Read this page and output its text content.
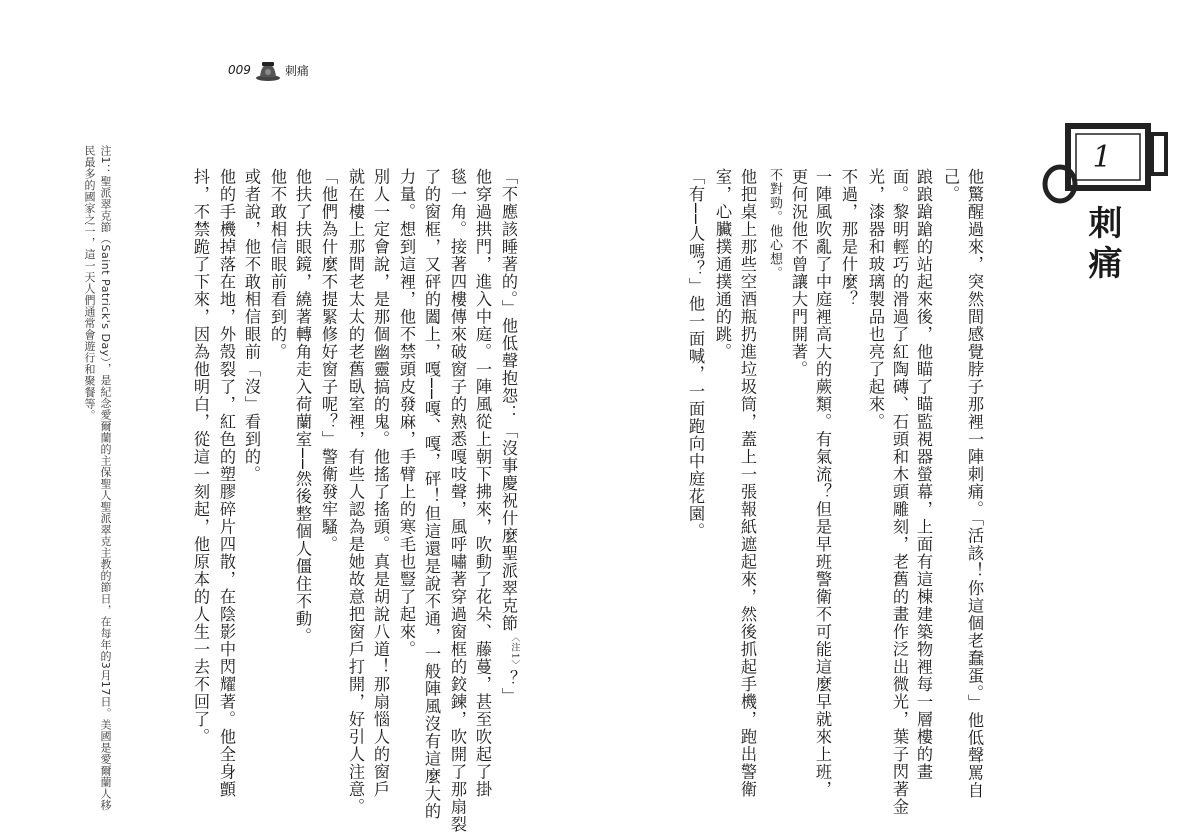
009	刺痛
1
刺痛
他驚醒過來，突然間感覺脖子那裡一陣刺痛。「活該！你這個老蠢蛋。」他低聲罵自
己。
踉踉蹌蹌的站起來後，他瞄了瞄監視器螢幕，上面有這棟建築物裡每一層樓的畫
面。黎明輕巧的滑過了紅陶磚、石頭和木頭雕刻，老舊的畫作泛出微光，葉子閃著金
光，漆器和玻璃製品也亮了起來。
不過，那是什麼？
一陣風吹亂了中庭裡高大的蕨類。有氣流？但是早班警衛不可能這麼早就來上班，
更何況他不曾讓大門開著。
不對勁。他心想。
他把桌上那些空酒瓶扔進垃圾筒，蓋上一張報紙遮起來，然後抓起手機，跑出警衛
室，心臟撲通撲通的跳。
「有──人嗎？」他一面喊，一面跑向中庭花園。
「不應該睡著的。」他低聲抱怨：「沒事慶祝什麼聖派翠克節$^{〈注1〉}$？」
他穿過拱門，進入中庭。一陣風從上朝下拂來，吹動了花朵、藤蔓，甚至吹起了掛
毯一角。接著四樓傳來破窗子的熟悉嘎吱聲，風呼嘯著穿過窗框的鉸鍊，吹開了那扇裂
了的窗框，又砰的闔上，嘎──嘎、嘎，砰！但這還是說不通，一般陣風沒有這麼大的
力量。想到這裡，他不禁頭皮發麻，手臂上的寒毛也豎了起來。
別人一定會說，是那個幽靈搞的鬼。他搖了搖頭。真是胡說八道！那扇惱人的窗戶
就在樓上那間老太太的老舊臥室裡，有些人認為是她故意把窗戶打開，好引人注意。
「他們為什麼不提緊修好窗子呢？」警衛發牢騷。
他扶了扶眼鏡，繞著轉角走入荷蘭室──然後整個人僵住不動。
他不敢相信眼前看到的。
或者說，他不敢相信眼前「沒」看到的。
他的手機掉落在地，外殼裂了，紅色的塑膠碎片四散，在陰影中閃耀著。他全身顫
抖，不禁跪了下來，因為他明白，從這一刻起，他原本的人生一去不回了。
注1：聖派翠克節（Saint Patrick's Day），是紀念愛爾蘭的主保聖人聖派翠克主教的節日，在每年的3月17日。美國是愛爾蘭人移
民最多的國家之一，這一天人們通常會遊行和聚餐等。
